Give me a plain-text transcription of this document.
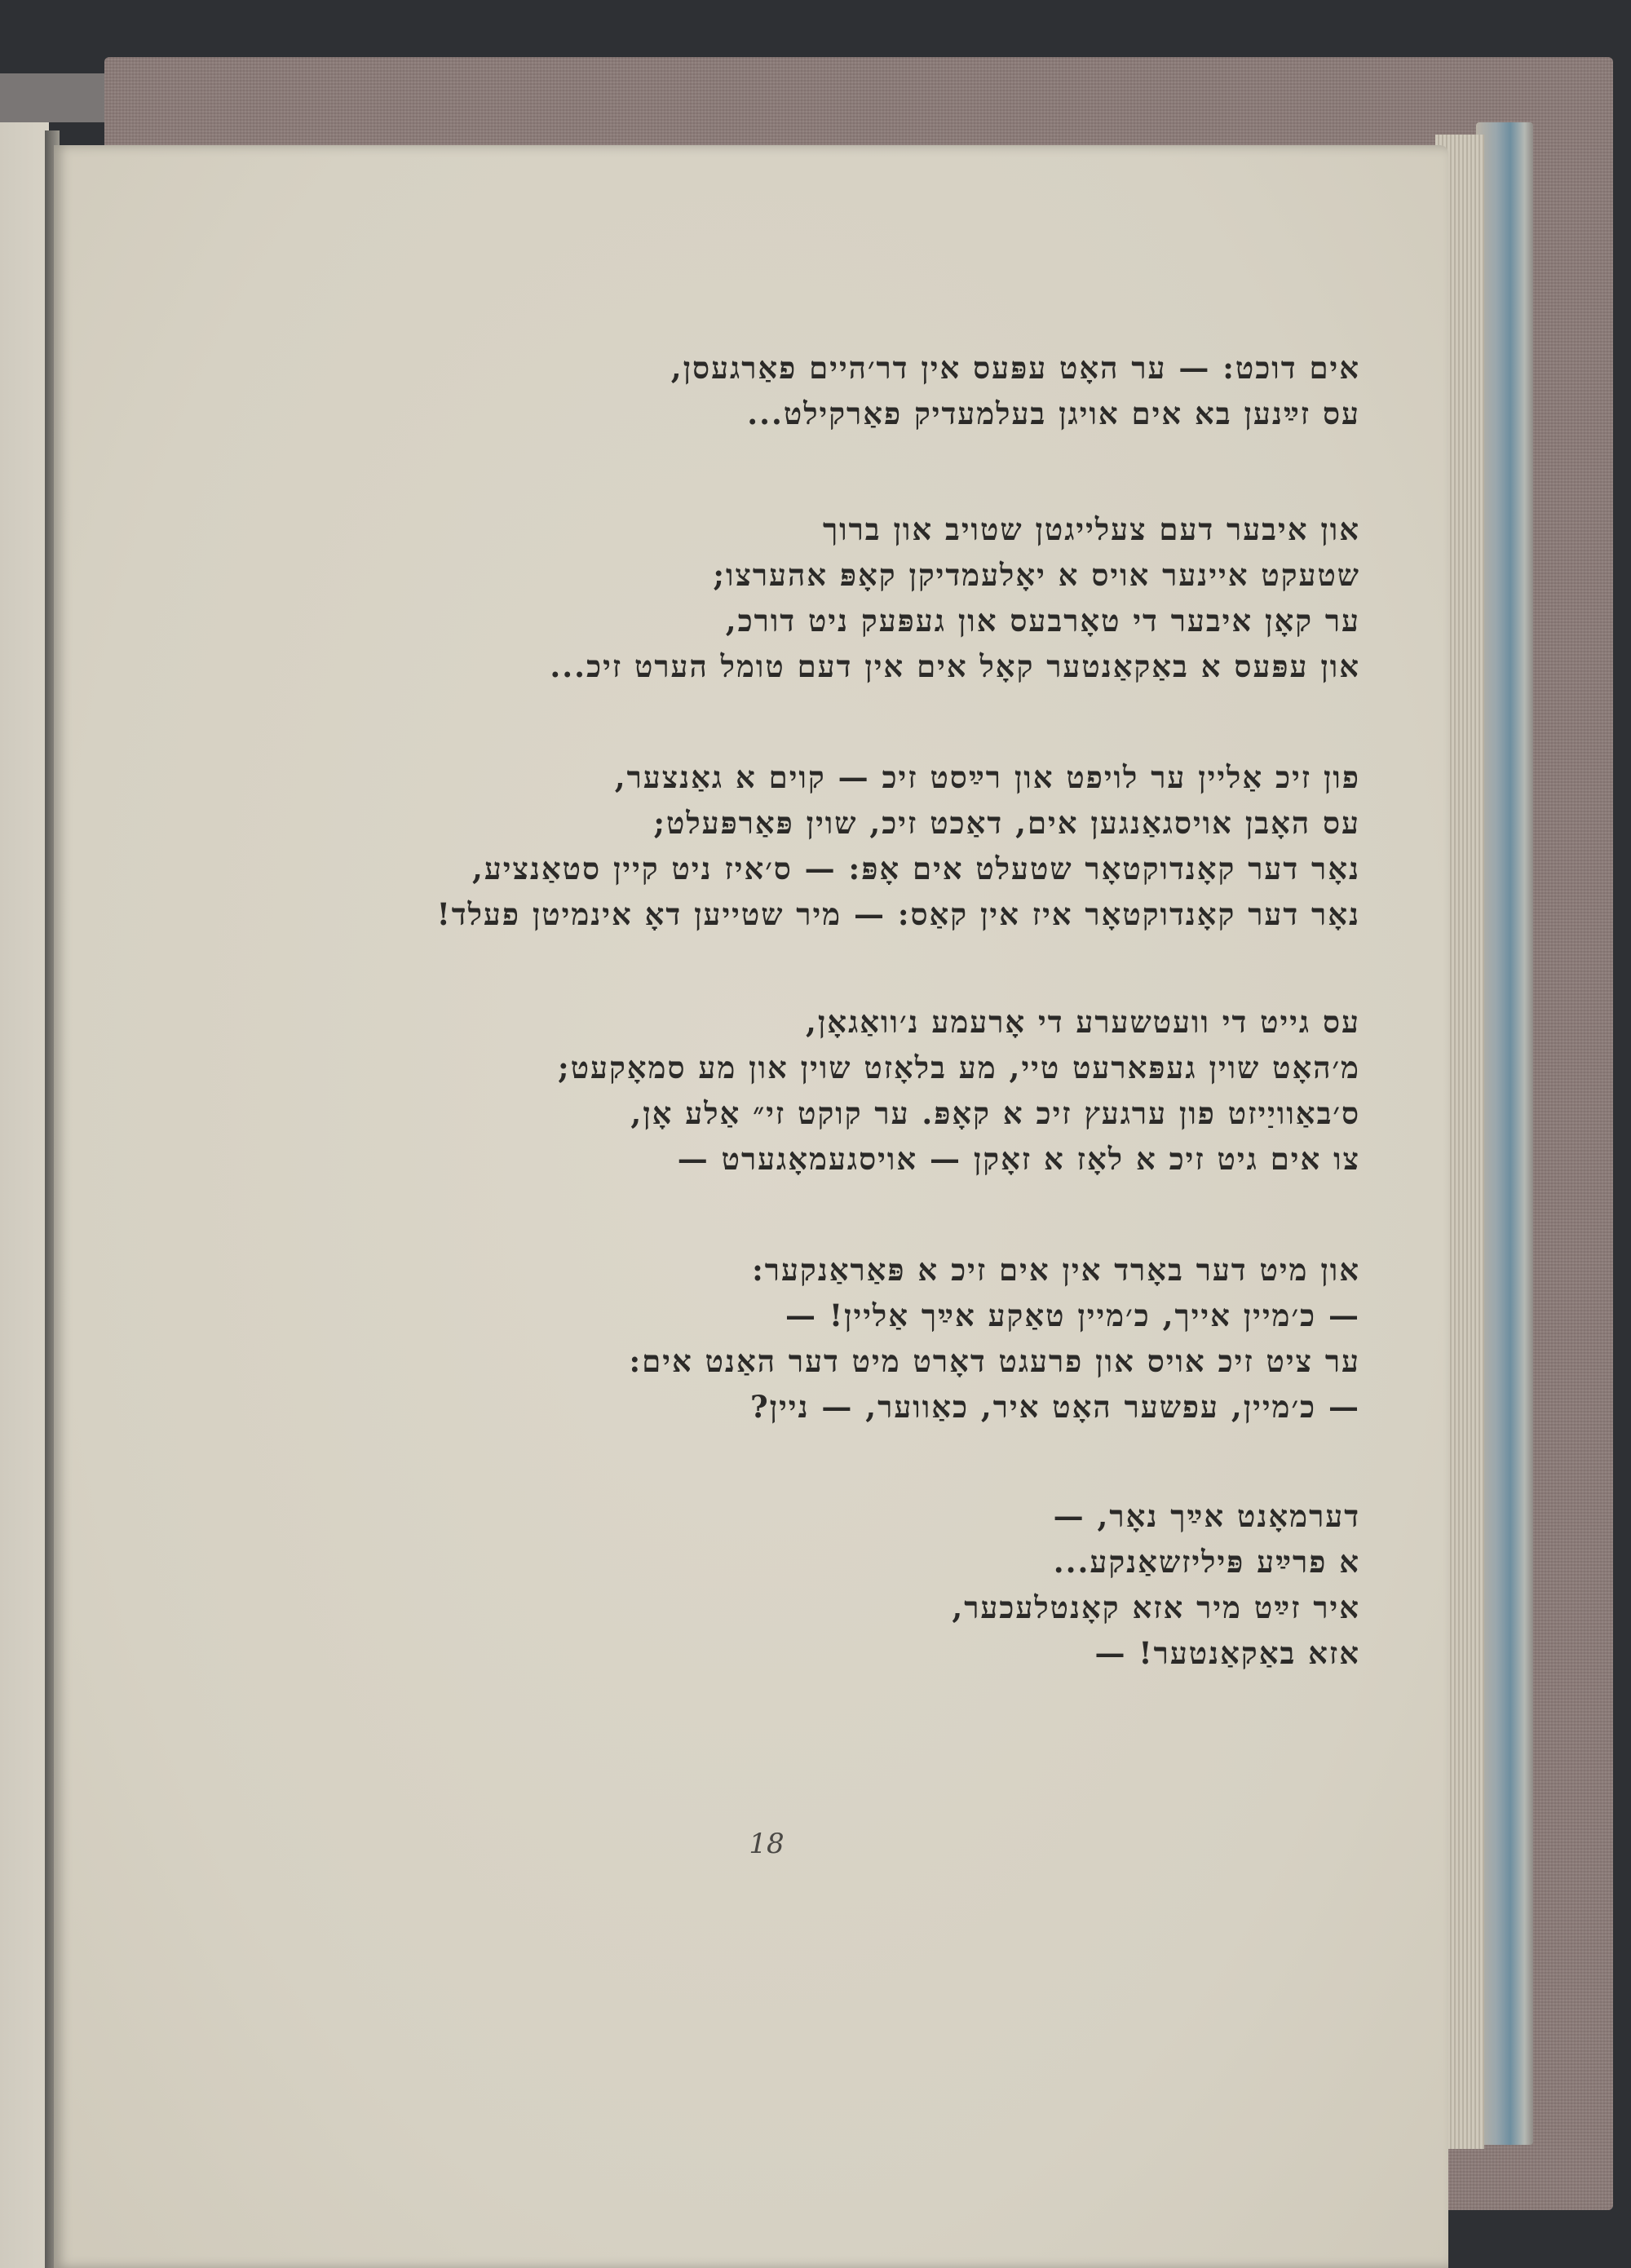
אים דוכט: — ער האָט עפּעס אין דר׳היים פאַרגעסן,
עס זײַנען בא אים אויגן בעלמעדיק פאַרקילט...
און איבער דעם צעלייגטן שטויב און ברוך
שטעקט איינער אויס א יאָלעמדיקן קאָפּ אהערצו;
ער קאָן איבער די טאָרבעס און געפּעק ניט דורכ,
און עפּעס א באַקאַנטער קאָל אים אין דעם טומל הערט זיכ...
פון זיכ אַליין ער לויפט און רײַסט זיכ — קוים א גאַנצער,
עס האָבן אויסגאַנגען אים, דאַכט זיכ, שוין פּאַרפּעלט;
נאָר דער קאָנדוקטאָר שטעלט אים אָפּ: — ס׳איז ניט קיין סטאַנציע,
נאָר דער קאָנדוקטאָר איז אין קאַס: — מיר שטייען דאָ אינמיטן פעלד!
עס גייט די וועטשערע די אָרעמע נ׳וואַגאָן,
מ׳האָט שוין געפּארעט טיי, מע בלאָזט שוין און מע סמאָקעט;
ס׳באַוויַיזט פון ערגעץ זיכ א קאָפּ. ער קוקט זי״ אַלע אָן,
צו אים גיט זיכ א לאָז א זאָקן — אויסגעמאָגערט —
און מיט דער באָרד אין אים זיכ א פּאַראַנקער:
— כ׳מיין אייך, כ׳מיין טאַקע אײַך אַליין! —
ער ציט זיכ אויס און פרעגט דאָרט מיט דער האַנט אים:
— כ׳מיין, עפשער האָט איר, כאַווער, — ניין?
דערמאָנט אײַך נאָר, —
א פרײַע פּיליזשאַנקע...
איר זײַט מיר אזא קאָנטלעכער,
אזא באַקאַנטער! —
18
